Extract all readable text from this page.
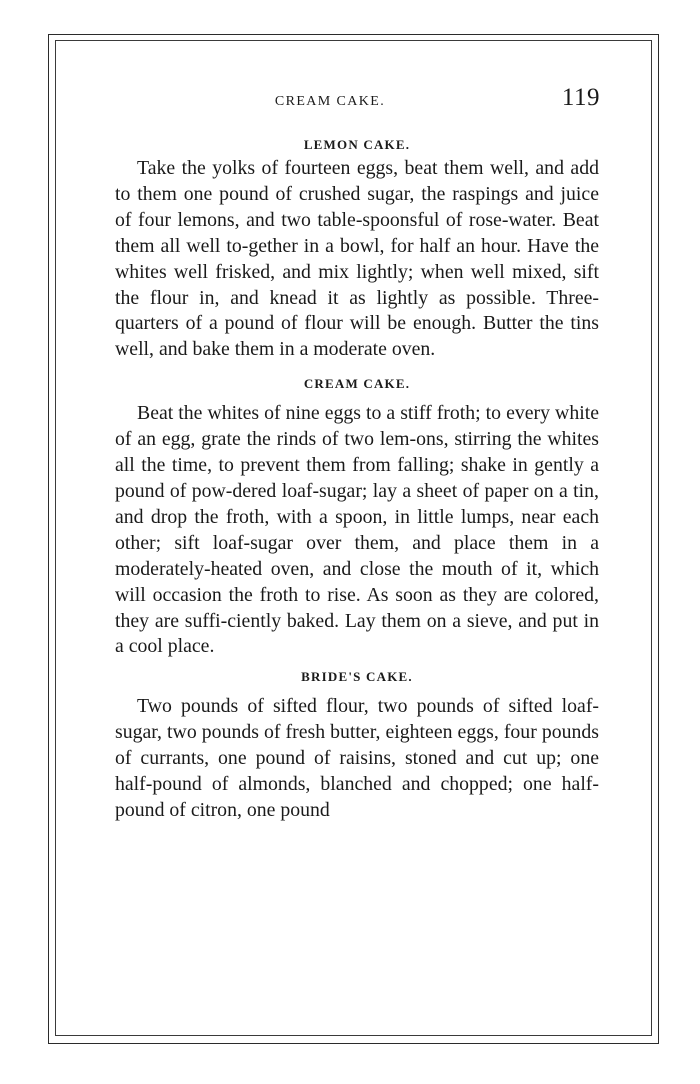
CREAM CAKE.	119
LEMON CAKE.

Take the yolks of fourteen eggs, beat them well, and add to them one pound of crushed sugar, the raspings and juice of four lemons, and two table-spoonsful of rose-water. Beat them all well to-gether in a bowl, for half an hour. Have the whites well frisked, and mix lightly; when well mixed, sift the flour in, and knead it as lightly as possible. Three-quarters of a pound of flour will be enough. Butter the tins well, and bake them in a moderate oven.

CREAM CAKE.

Beat the whites of nine eggs to a stiff froth; to every white of an egg, grate the rinds of two lem-ons, stirring the whites all the time, to prevent them from falling; shake in gently a pound of pow-dered loaf-sugar; lay a sheet of paper on a tin, and drop the froth, with a spoon, in little lumps, near each other; sift loaf-sugar over them, and place them in a moderately-heated oven, and close the mouth of it, which will occasion the froth to rise. As soon as they are colored, they are suffi-ciently baked. Lay them on a sieve, and put in a cool place.

BRIDE'S CAKE.

Two pounds of sifted flour, two pounds of sifted loaf-sugar, two pounds of fresh butter, eighteen eggs, four pounds of currants, one pound of raisins, stoned and cut up; one half-pound of almonds, blanched and chopped; one half-pound of citron, one pound
